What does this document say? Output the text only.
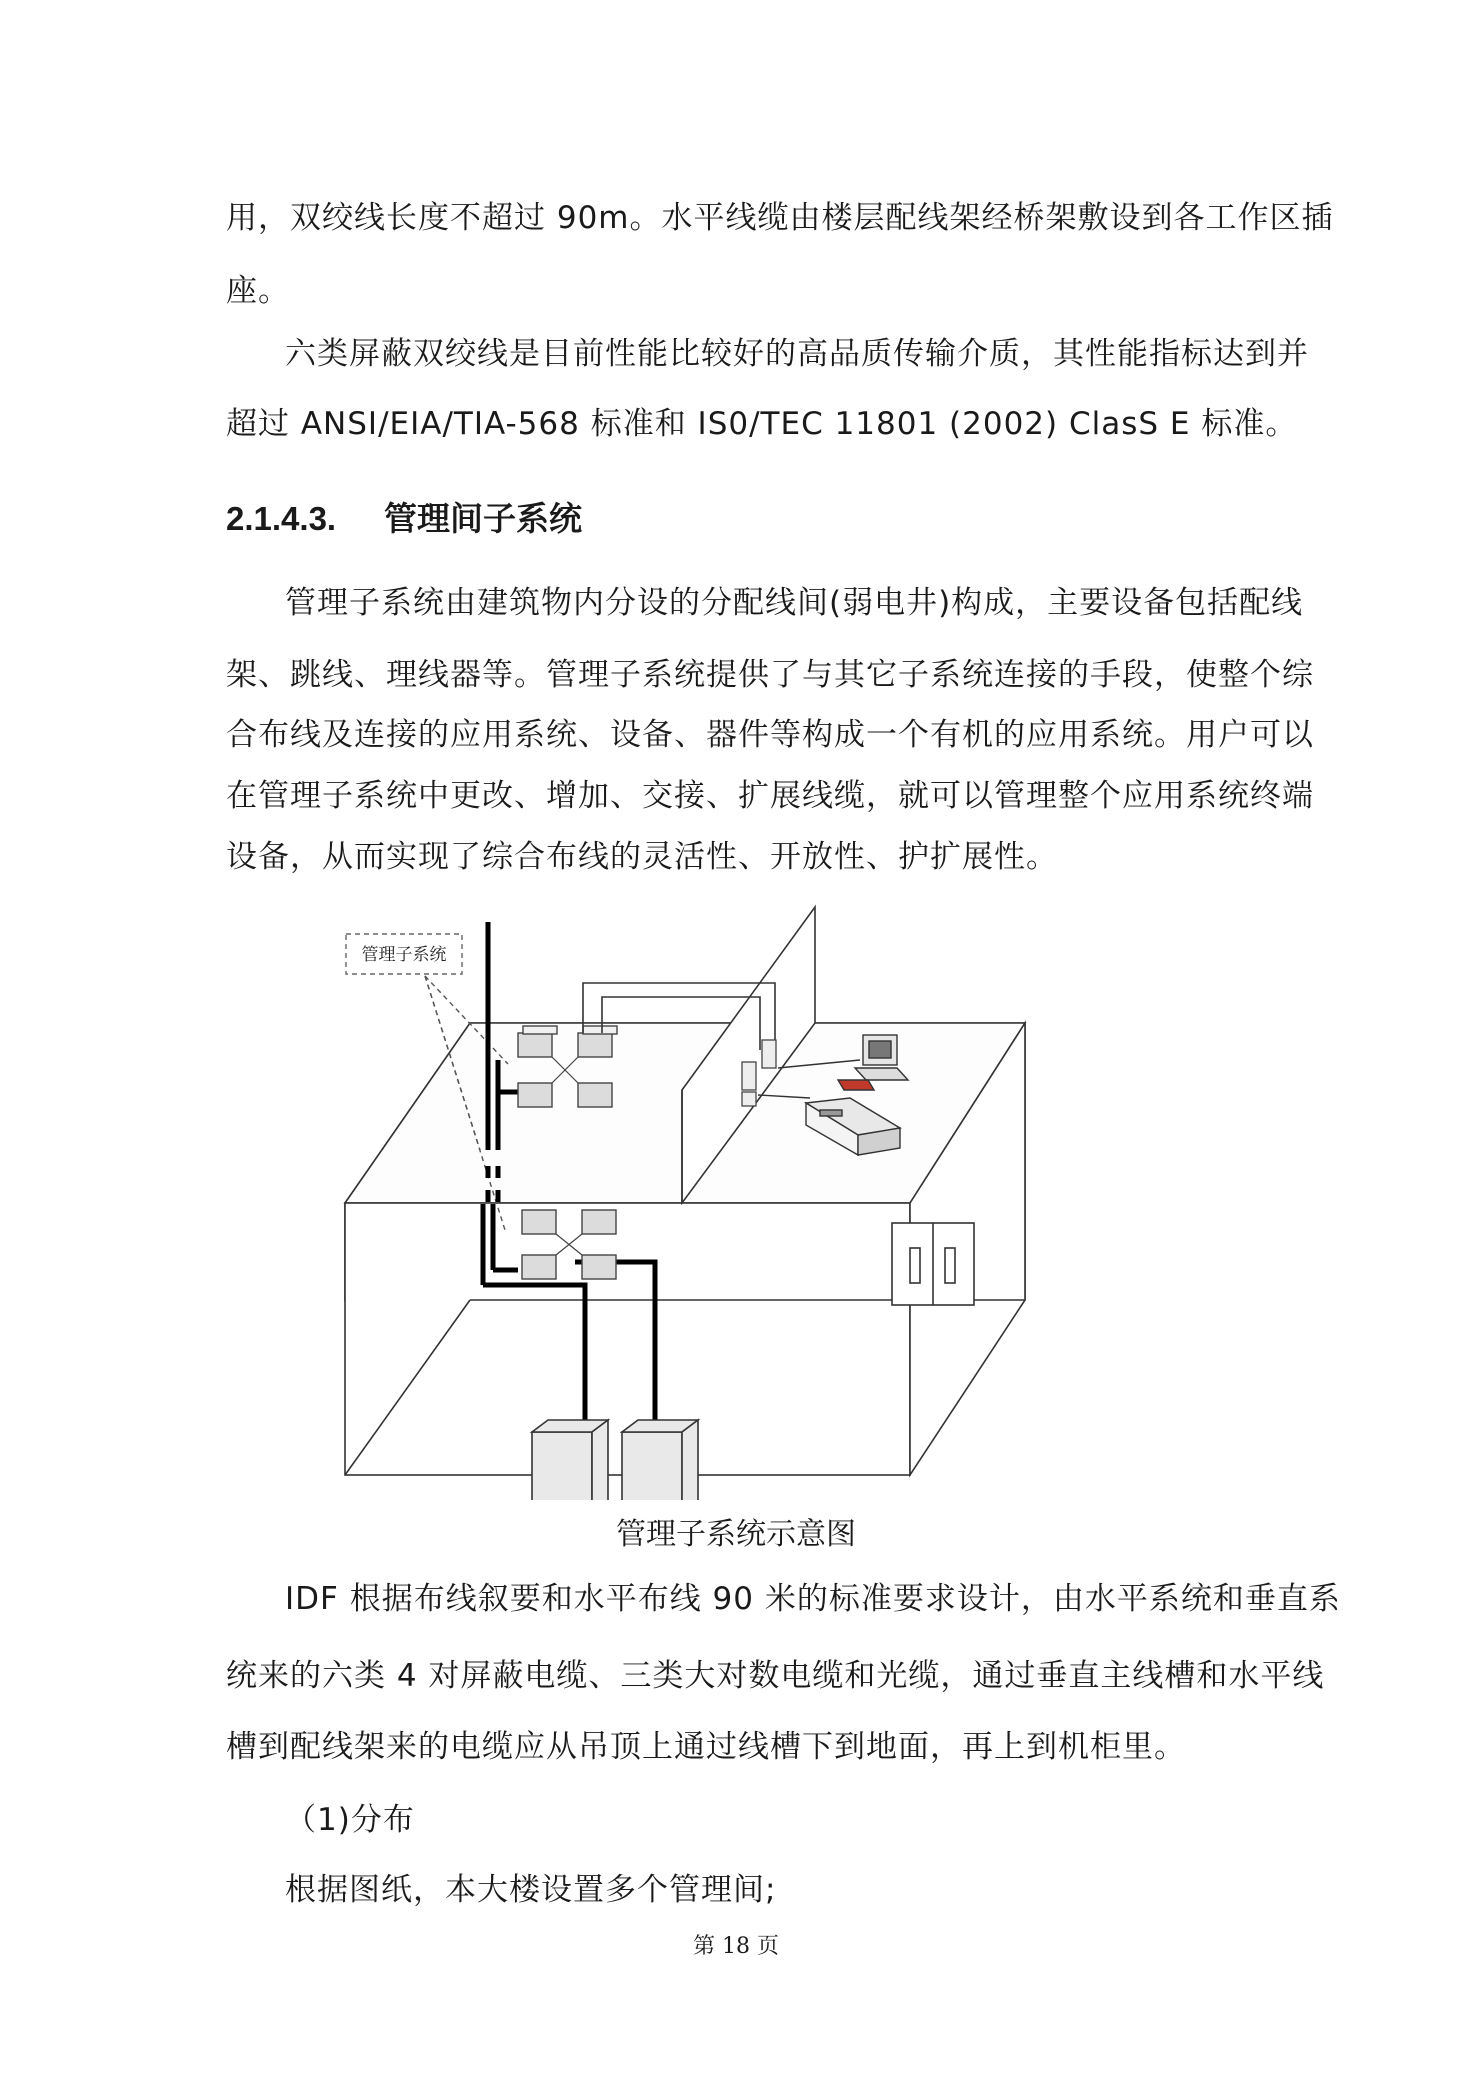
用，双绞线长度不超过 90m。水平线缆由楼层配线架经桥架敷设到各工作区插
座。
六类屏蔽双绞线是目前性能比较好的高品质传输介质，其性能指标达到并
超过 ANSI/EIA/TIA-568 标准和 IS0/TEC 11801 (2002) ClasS E 标准。
2.1.4.3. 管理间子系统
管理子系统由建筑物内分设的分配线间(弱电井)构成，主要设备包括配线
架、跳线、理线器等。管理子系统提供了与其它子系统连接的手段，使整个综
合布线及连接的应用系统、设备、器件等构成一个有机的应用系统。用户可以
在管理子系统中更改、增加、交接、扩展线缆，就可以管理整个应用系统终端
设备，从而实现了综合布线的灵活性、开放性、护扩展性。
管理子系统
管理子系统示意图
IDF 根据布线叙要和水平布线 90 米的标准要求设计，由水平系统和垂直系
统来的六类 4 对屏蔽电缆、三类大对数电缆和光缆，通过垂直主线槽和水平线
槽到配线架来的电缆应从吊顶上通过线槽下到地面，再上到机柜里。
（1)分布
根据图纸，本大楼设置多个管理间;
第 18 页
